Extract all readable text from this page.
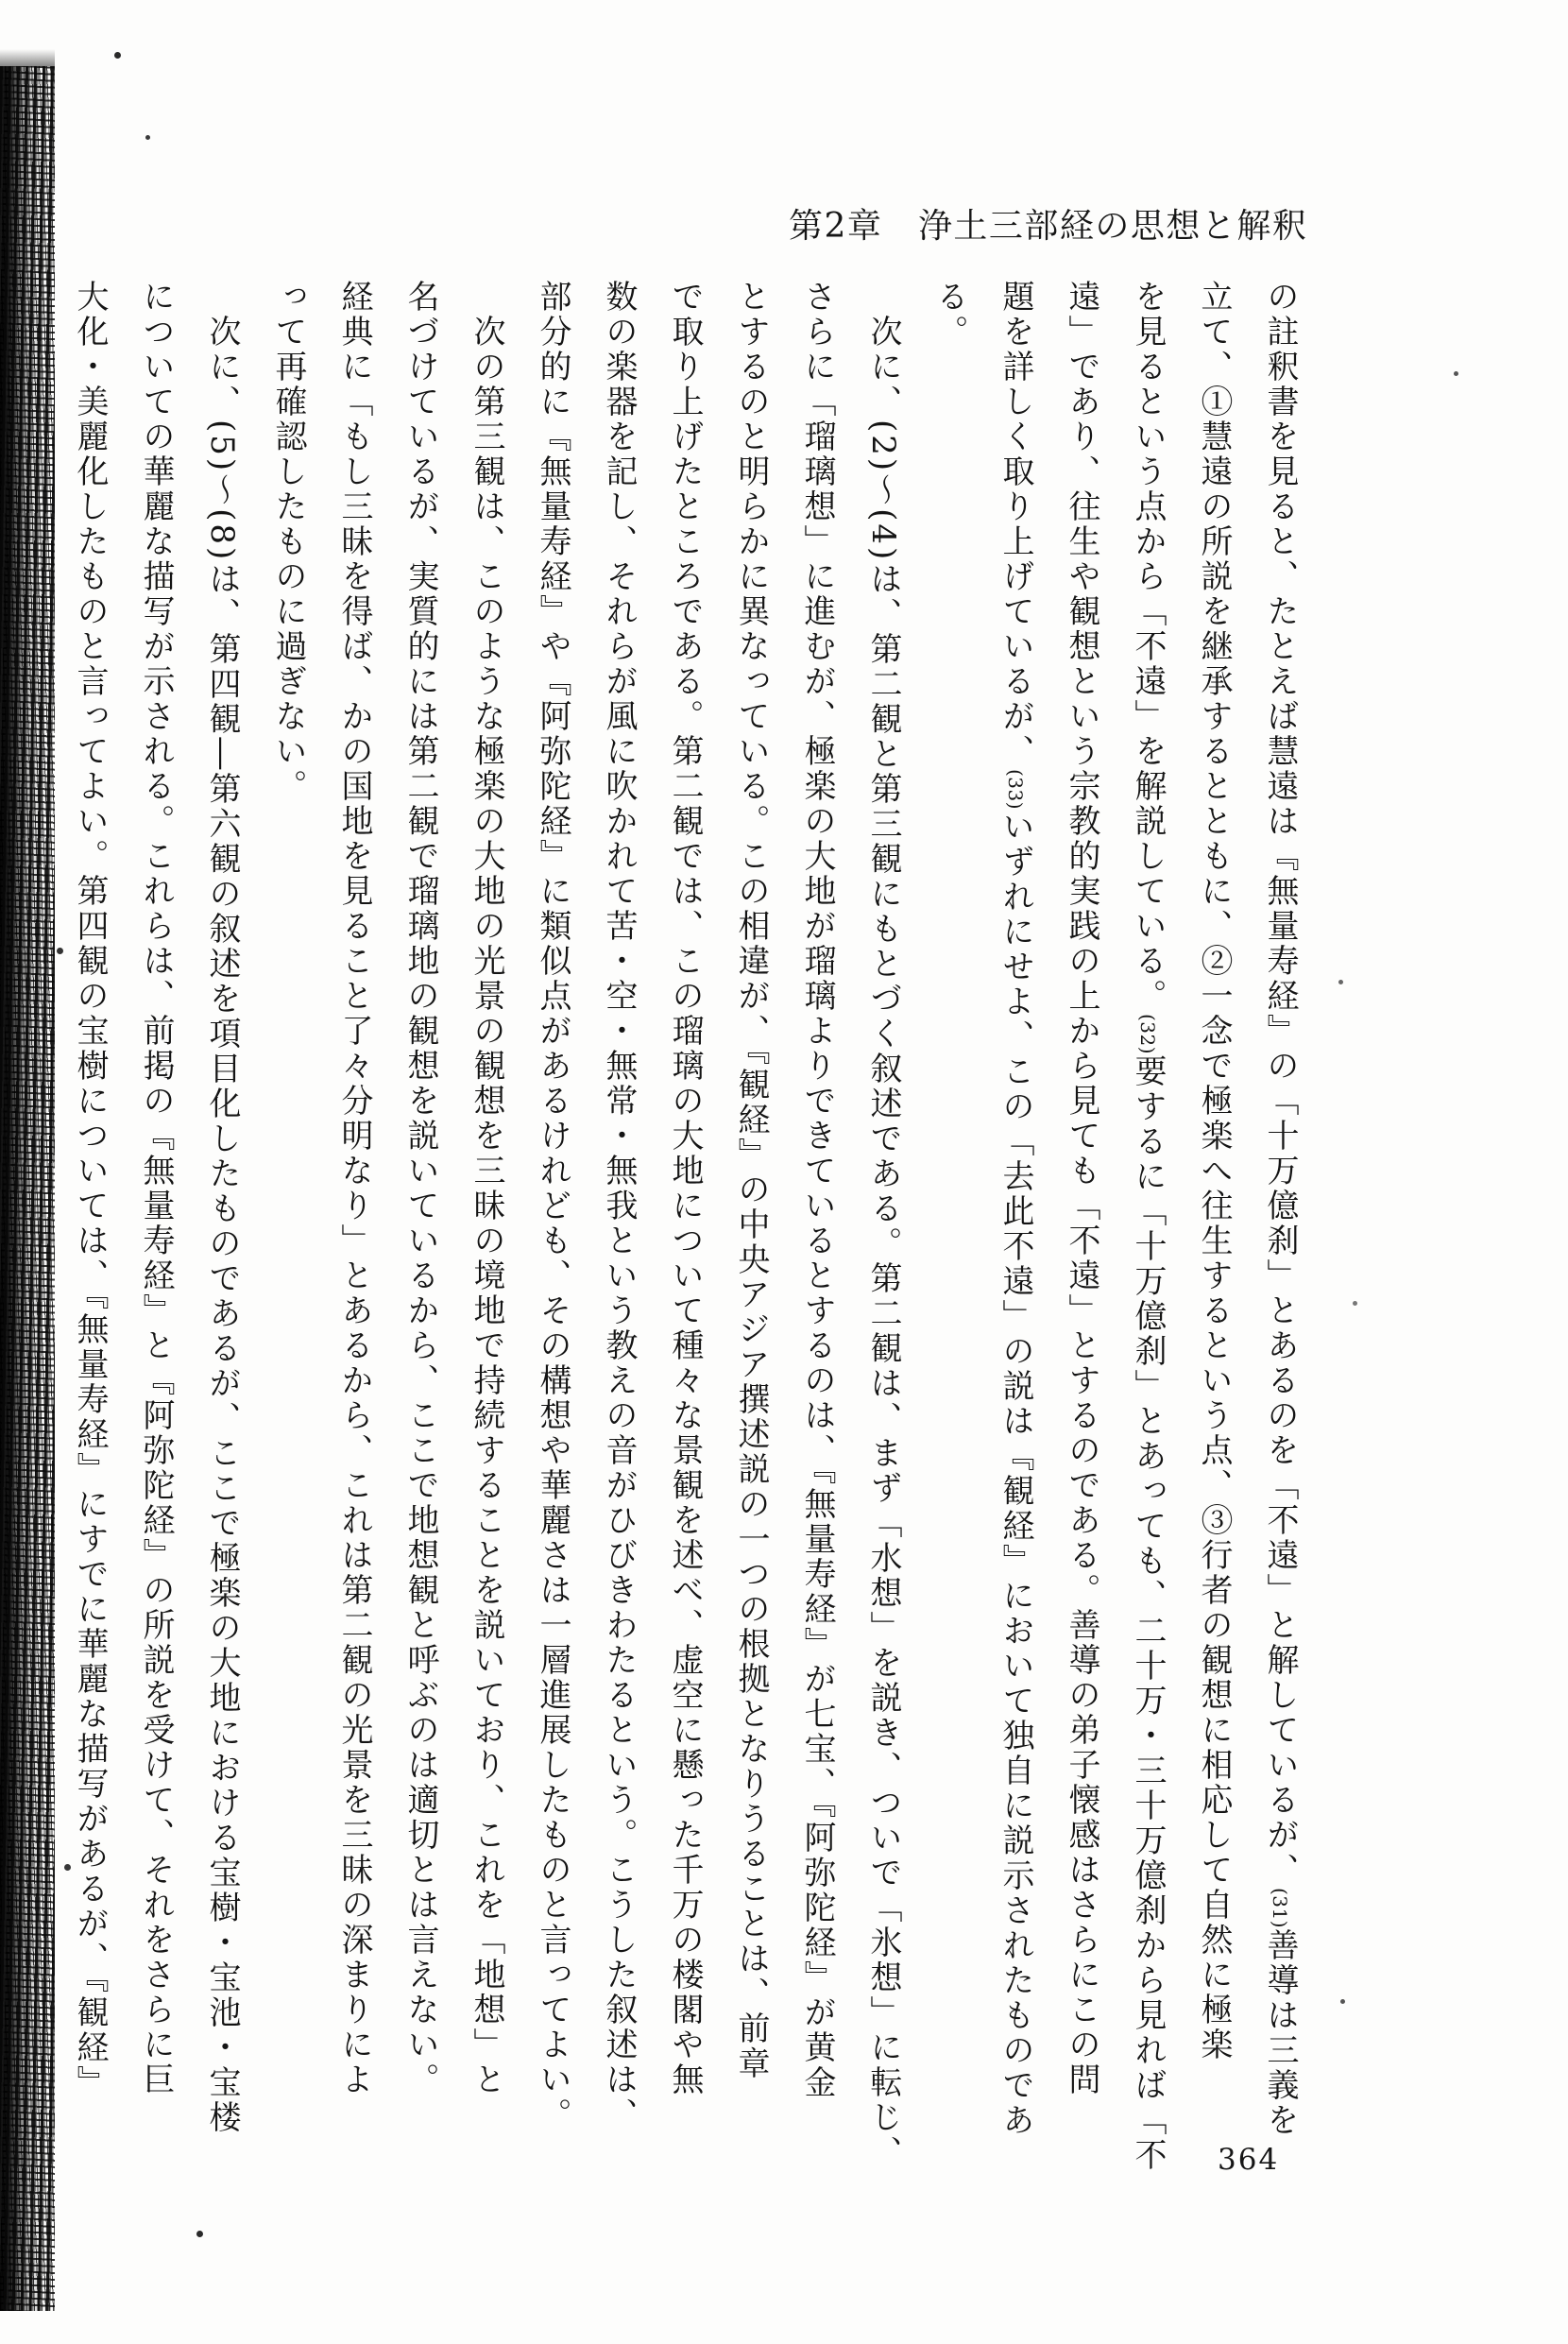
第2章　浄土三部経の思想と解釈
の註釈書を見ると、たとえば慧遠は『無量寿経』の「十万億刹」とあるのを「不遠」と解しているが、(31)善導は三義を
立て、①慧遠の所説を継承するとともに、②一念で極楽へ往生するという点、③行者の観想に相応して自然に極楽
を見るという点から「不遠」を解説している。(32)要するに「十万億刹」とあっても、二十万・三十万億刹から見れば「不
遠」であり、往生や観想という宗教的実践の上から見ても「不遠」とするのである。善導の弟子懐感はさらにこの問
題を詳しく取り上げているが、(33)いずれにせよ、この「去此不遠」の説は『観経』において独自に説示されたものであ
る。
　次に、(2)〜(4)は、第二観と第三観にもとづく叙述である。第二観は、まず「水想」を説き、ついで「氷想」に転じ、
さらに「瑠璃想」に進むが、極楽の大地が瑠璃よりできているとするのは、『無量寿経』が七宝、『阿弥陀経』が黄金
とするのと明らかに異なっている。この相違が、『観経』の中央アジア撰述説の一つの根拠となりうることは、前章
で取り上げたところである。第二観では、この瑠璃の大地について種々な景観を述べ、虚空に懸った千万の楼閣や無
数の楽器を記し、それらが風に吹かれて苦・空・無常・無我という教えの音がひびきわたるという。こうした叙述は、
部分的に『無量寿経』や『阿弥陀経』に類似点があるけれども、その構想や華麗さは一層進展したものと言ってよい。
　次の第三観は、このような極楽の大地の光景の観想を三昧の境地で持続することを説いており、これを「地想」と
名づけているが、実質的には第二観で瑠璃地の観想を説いているから、ここで地想観と呼ぶのは適切とは言えない。
経典に「もし三昧を得ば、かの国地を見ること了々分明なり」とあるから、これは第二観の光景を三昧の深まりによ
って再確認したものに過ぎない。
　次に、(5)〜(8)は、第四観―第六観の叙述を項目化したものであるが、ここで極楽の大地における宝樹・宝池・宝楼
についての華麗な描写が示される。これらは、前掲の『無量寿経』と『阿弥陀経』の所説を受けて、それをさらに巨
大化・美麗化したものと言ってよい。第四観の宝樹については、『無量寿経』にすでに華麗な描写があるが、『観経』
364
